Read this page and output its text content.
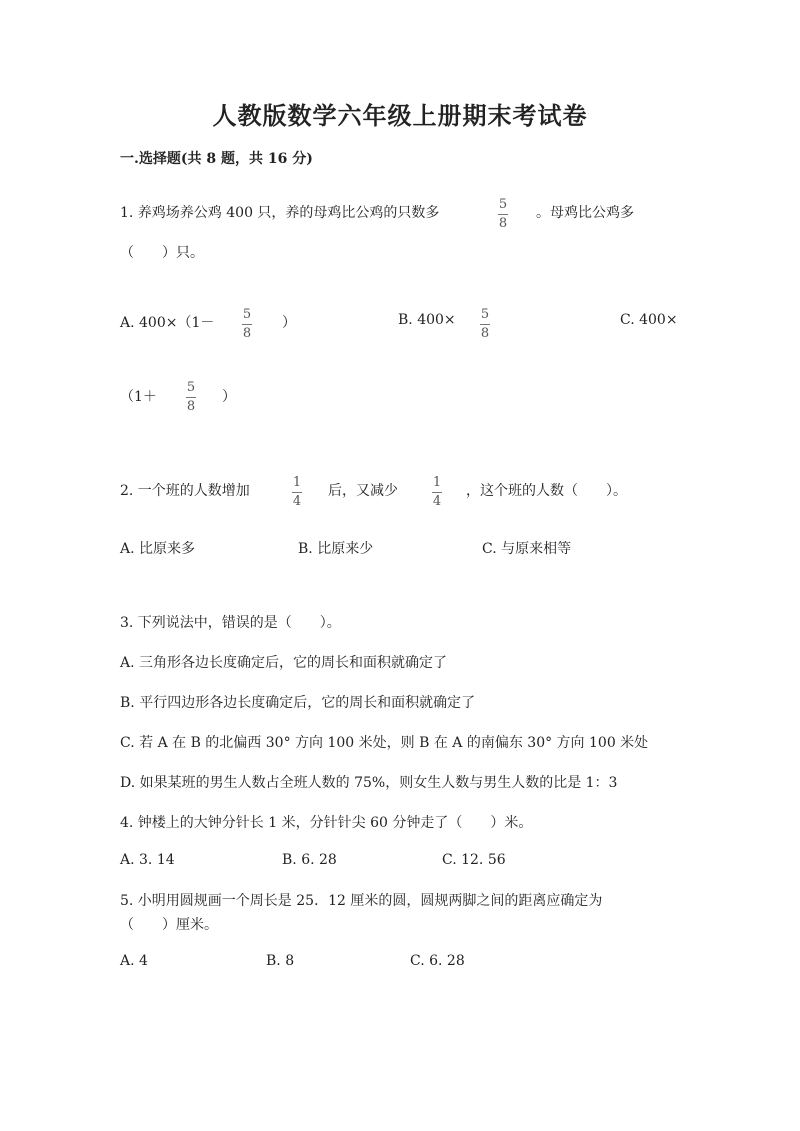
人教版数学六年级上册期末考试卷
一.选择题(共 8 题，共 16 分)
1. 养鸡场养公鸡 400 只，养的母鸡比公鸡的只数多
5
8
。母鸡比公鸡多
（　　）只。
A. 400×（1－
5
8
）	B. 400× 5
8
C. 400×
（1＋
5
8
）
2. 一个班的人数增加
1
4
后，又减少
1
4
，这个班的人数（　　）。
A. 比原来多	B. 比原来少	C. 与原来相等
3. 下列说法中，错误的是（　　）。
A. 三角形各边长度确定后，它的周长和面积就确定了
B. 平行四边形各边长度确定后，它的周长和面积就确定了
C. 若 A 在 B 的北偏西 30° 方向 100 米处，则 B 在 A 的南偏东 30° 方向 100 米处
D. 如果某班的男生人数占全班人数的 75%，则女生人数与男生人数的比是 1：3
4. 钟楼上的大钟分针长 1 米，分针针尖 60 分钟走了（　　）米。
A. 3. 14	B. 6. 28	C. 12. 56
5. 小明用圆规画一个周长是 25．12 厘米的圆，圆规两脚之间的距离应确定为
（　　）厘米。
A. 4	B. 8	C. 6. 28
